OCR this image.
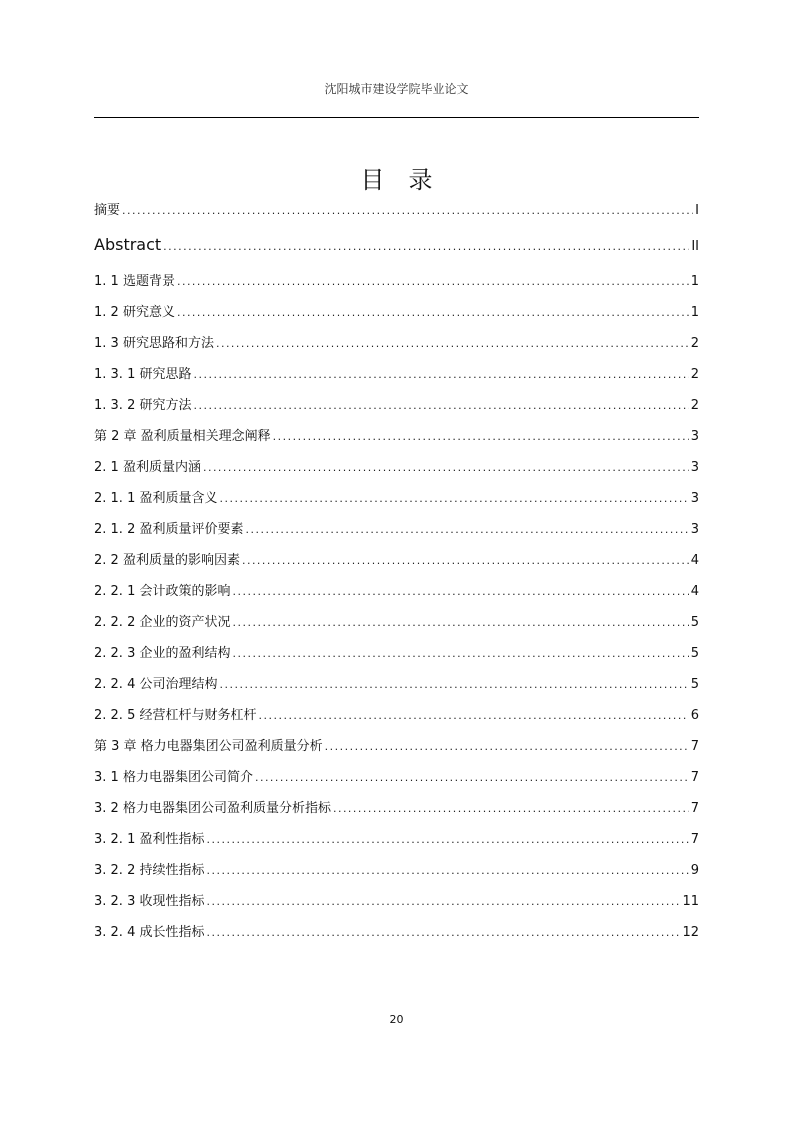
沈阳城市建设学院毕业论文
目录
摘要 . . .	I
Abstract . . .	II
1. 1 选题背景 . . .	1
1. 2 研究意义 . . .	1
1. 3 研究思路和方法 . . .	2
1. 3. 1 研究思路 . . .	2
1. 3. 2 研究方法 . . .	2
第 2 章 盈利质量相关理念阐释 . . .	3
2. 1 盈利质量内涵 . . .	3
2. 1. 1 盈利质量含义 . . .	3
2. 1. 2 盈利质量评价要素 . . .	3
2. 2 盈利质量的影响因素 . . .	4
2. 2. 1 会计政策的影响 . . .	4
2. 2. 2 企业的资产状况 . . .	5
2. 2. 3 企业的盈利结构 . . .	5
2. 2. 4 公司治理结构 . . .	5
2. 2. 5 经营杠杆与财务杠杆 . . .	6
第 3 章 格力电器集团公司盈利质量分析 . . .	7
3. 1 格力电器集团公司简介 . . .	7
3. 2 格力电器集团公司盈利质量分析指标 . . .	7
3. 2. 1 盈利性指标 . . .	7
3. 2. 2 持续性指标 . . .	9
3. 2. 3 收现性指标 . . .	11
3. 2. 4 成长性指标 . . .	12
20
